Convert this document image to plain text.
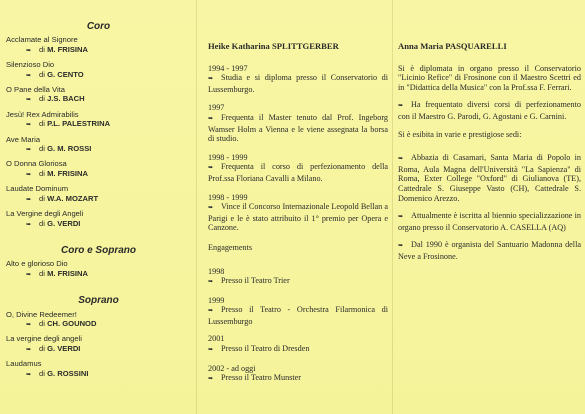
Coro
Acclamate al Signore
➥ di M. FRISINA
Silenzioso Dio
➥ di G. CENTO
O Pane della Vita
➥ di J.S. BACH
Jesù! Rex Admirabilis
➥ di P.L. PALESTRINA
Ave Maria
➥ di G. M. ROSSI
O Donna Gloriosa
➥ di M. FRISINA
Laudate Dominum
➥ di W.A. MOZART
La Vergine degli Angeli
➥ di G. VERDI
Coro e Soprano
Alto e glorioso Dio
➥ di M. FRISINA
Soprano
O, Divine Redeemer!
➥ di CH. GOUNOD
La vergine degli angeli
➥ di G. VERDI
Laudamus
➥ di G. ROSSINI
Heike Katharina SPLITTGERBER
1994 - 1997
➥ Studia e si diploma presso il Conservatorio di Lussemburgo.
1997
➥ Frequenta il Master tenuto dal Prof. Ingeborg Wamser Holm a Vienna e le viene assegnata la borsa di studio.
1998 - 1999
➥ Frequenta il corso di perfezionamento della Prof.ssa Floriana Cavalli a Milano.
1998 - 1999
➥ Vince il Concorso Internazionale Leopold Bellan a Parigi e le è stato attribuito il 1° premio per Opera e Canzone.
Engagements
1998
➥ Presso il Teatro Trier
1999
➥ Presso il Teatro - Orchestra Filarmonica di Lussemburgo
2001
➥ Presso il Teatro di Dresden
2002 - ad oggi
➥ Presso il Teatro Munster
Anna Maria PASQUARELLI
Si è diplomata in organo presso il Conservatorio "Licinio Refice" di Frosinone con il Maestro Scettri ed in "Didattica della Musica" con la Prof.ssa F. Ferrari.
➥ Ha frequentato diversi corsi di perfezionamento con il Maestro G. Parodi, G. Agostani e G. Carnini.
Si è esibita in varie e prestigiose sedi:
➥ Abbazia di Casamari, Santa Maria di Popolo in Roma, Aula Magna dell'Università "La Sapienza" di Roma, Exter College "Oxford" di Giulianova (TE), Cattedrale S. Giuseppe Vasto (CH), Cattedrale S. Domenico Arezzo.
➥ Attualmente è iscritta al biennio specializzazione in organo presso il Conservatorio A. CASELLA (AQ)
➥ Dal 1990 è organista del Santuario Madonna della Neve a Frosinone.
